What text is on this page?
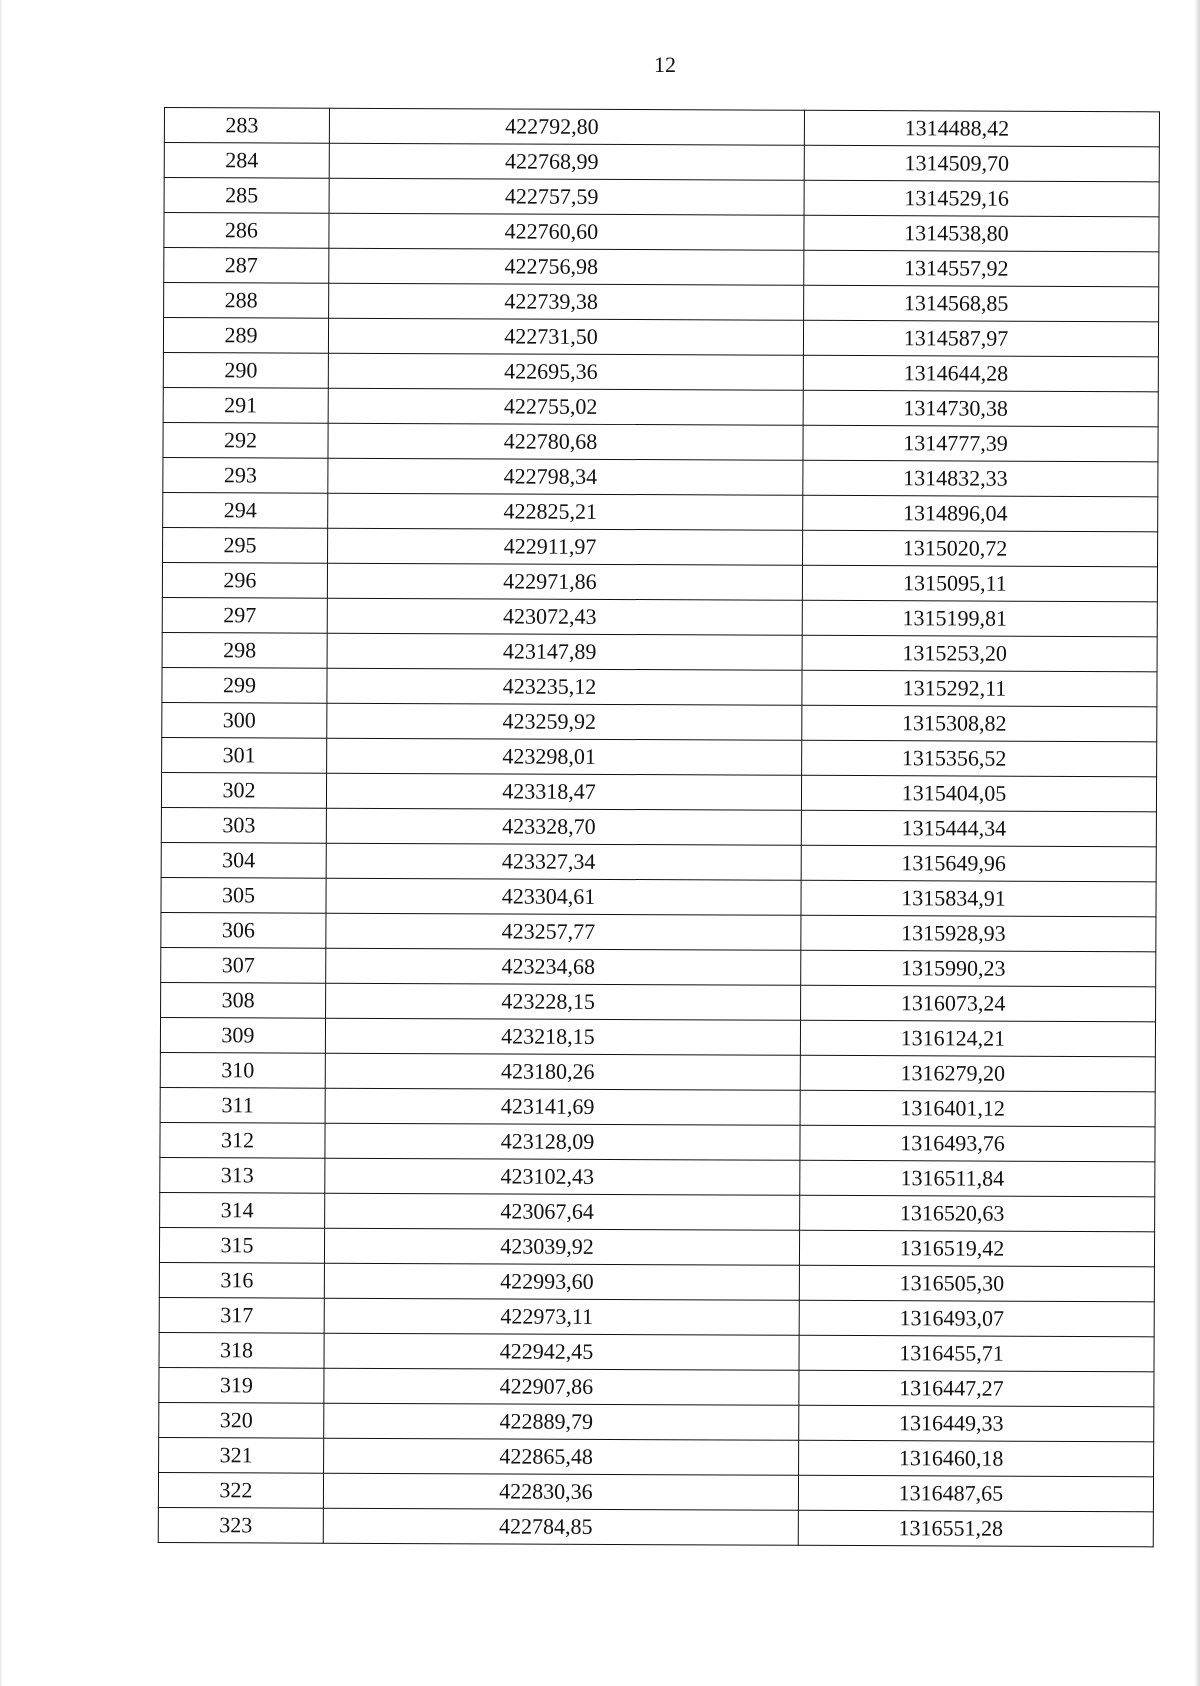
12
283	422792,80	1314488,42
284	422768,99	1314509,70
285	422757,59	1314529,16
286	422760,60	1314538,80
287	422756,98	1314557,92
288	422739,38	1314568,85
289	422731,50	1314587,97
290	422695,36	1314644,28
291	422755,02	1314730,38
292	422780,68	1314777,39
293	422798,34	1314832,33
294	422825,21	1314896,04
295	422911,97	1315020,72
296	422971,86	1315095,11
297	423072,43	1315199,81
298	423147,89	1315253,20
299	423235,12	1315292,11
300	423259,92	1315308,82
301	423298,01	1315356,52
302	423318,47	1315404,05
303	423328,70	1315444,34
304	423327,34	1315649,96
305	423304,61	1315834,91
306	423257,77	1315928,93
307	423234,68	1315990,23
308	423228,15	1316073,24
309	423218,15	1316124,21
310	423180,26	1316279,20
311	423141,69	1316401,12
312	423128,09	1316493,76
313	423102,43	1316511,84
314	423067,64	1316520,63
315	423039,92	1316519,42
316	422993,60	1316505,30
317	422973,11	1316493,07
318	422942,45	1316455,71
319	422907,86	1316447,27
320	422889,79	1316449,33
321	422865,48	1316460,18
322	422830,36	1316487,65
323	422784,85	1316551,28
